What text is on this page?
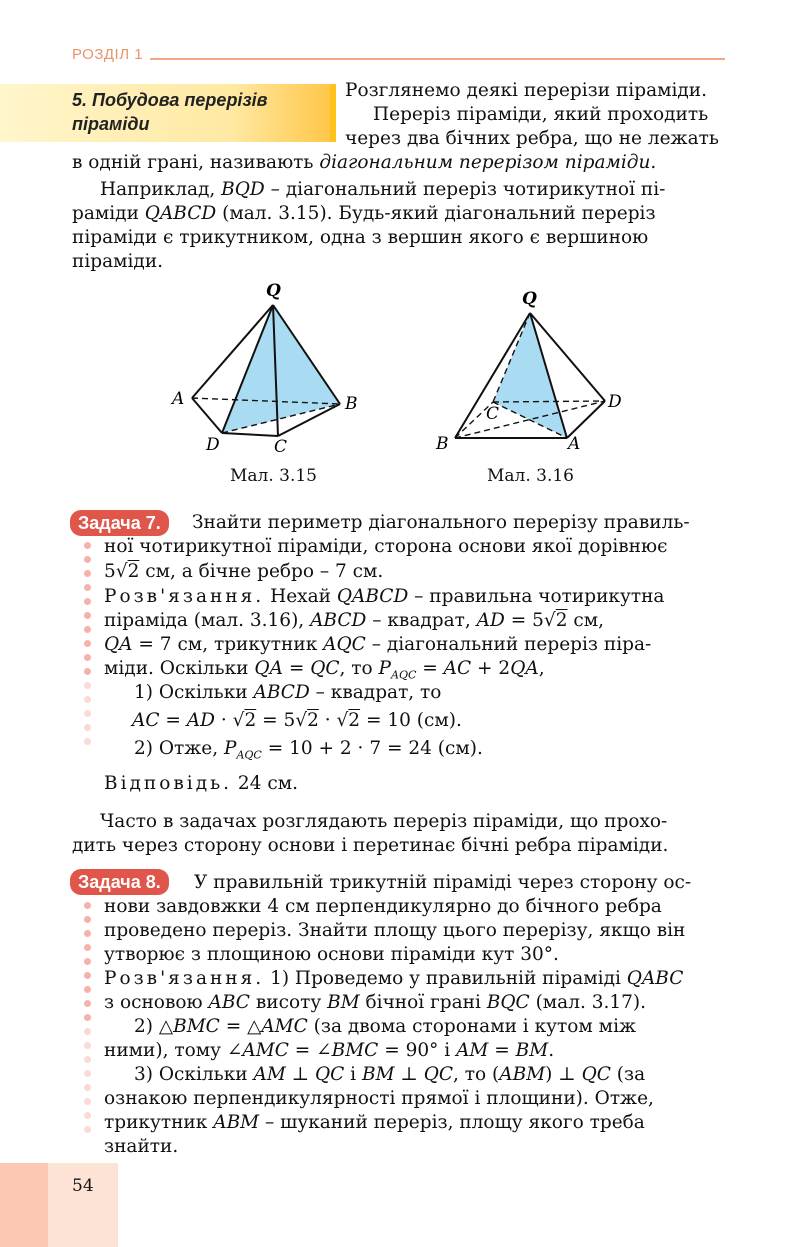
РОЗДІЛ 1
5. Побудова перерізів піраміди
Розглянемо деякі перерізи піраміди.
Переріз піраміди, який проходить
через два бічних ребра, що не лежать
в одній грані, називають діагональним перерізом піраміди.
Наприклад, BQD – діагональний переріз чотирикутної пі-
раміди QABCD (мал. 3.15). Будь-який діагональний переріз
піраміди є трикутником, одна з вершин якого є вершиною
піраміди.
Q
A	B
D	C
Мал. 3.15
Q
C
D
B	A
Мал. 3.16
Задача 7.	Знайти периметр діагонального перерізу правиль-
ної чотирикутної піраміди, сторона основи якої дорівнює
5√2 см, а бічне ребро – 7 см.
Розв'язання. Нехай QABCD – правильна чотирикутна
піраміда (мал. 3.16), ABCD – квадрат, AD = 5√2 см,
QA = 7 см, трикутник AQC – діагональний переріз піра-
міди. Оскільки QA = QC, то $P_{AQC}$ = AC + 2QA,
1) Оскільки ABCD – квадрат, то
AC = AD · √2 = 5√2 · √2 = 10 (см).
2) Отже, $P_{AQC} = 10 + 2 \cdot 7 = 24$ (см).
Відповідь. 24 см.
Часто в задачах розглядають переріз піраміди, що прохо-
дить через сторону основи і перетинає бічні ребра піраміди.
Задача 8.	У правильній трикутній піраміді через сторону ос-
нови завдовжки 4 см перпендикулярно до бічного ребра
проведено переріз. Знайти площу цього перерізу, якщо він
утворює з площиною основи піраміди кут 30°.
Розв'язання. 1) Проведемо у правильній піраміді QABC
з основою ABC висоту BM бічної грані BQC (мал. 3.17).
2) △BMC = △AMC (за двома сторонами і кутом між
ними), тому ∠AMC = ∠BMC = 90° і AM = BM.
3) Оскільки AM ⊥ QC і BM ⊥ QC, то (ABM) ⊥ QC (за
ознакою перпендикулярності прямої і площини). Отже,
трикутник ABM – шуканий переріз, площу якого треба
знайти.
54
